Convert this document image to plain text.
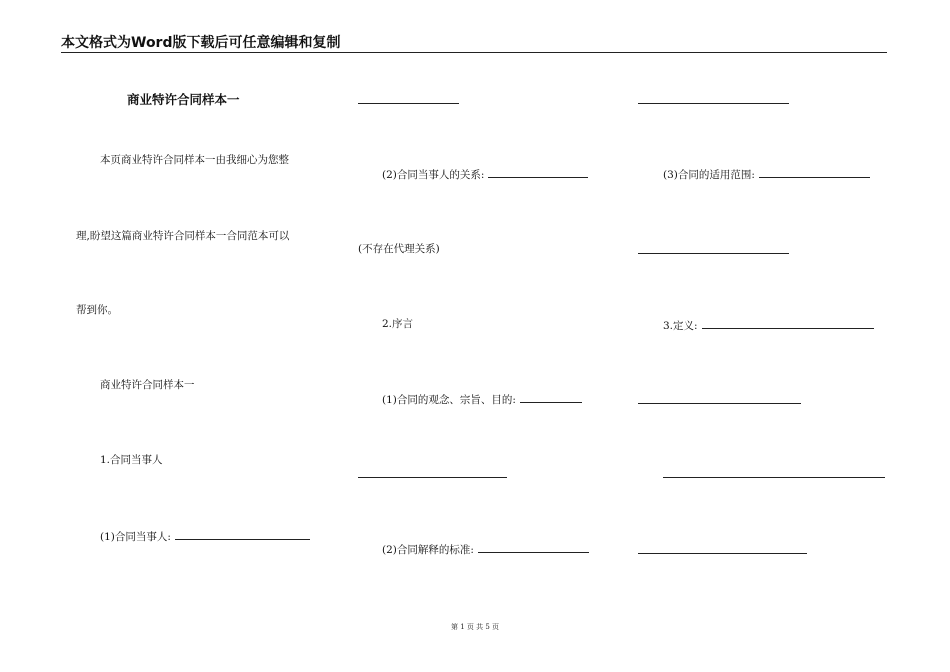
本文格式为Word版下载后可任意编辑和复制
商业特许合同样本一
本页商业特许合同样本一由我细心为您整
理,盼望这篇商业特许合同样本一合同范本可以
帮到你。
商业特许合同样本一
1.合同当事人
(1)合同当事人:
(2)合同当事人的关系:
(不存在代理关系)
2.序言
(1)合同的观念、宗旨、目的:
(2)合同解释的标准:
(3)合同的适用范围:
3.定义:
第 1 页 共 5 页
